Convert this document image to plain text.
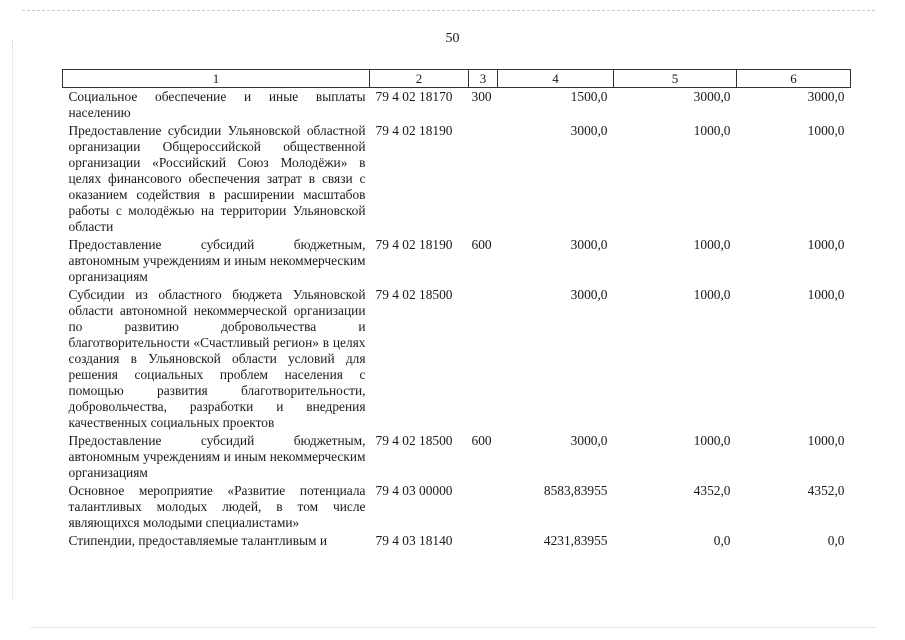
50
1	2	3	4	5	6
Социальное обеспечение и иные выплаты населению	79 4 02 18170	300	1500,0	3000,0	3000,0
Предоставление субсидии Ульяновской областной организации Общероссийской общественной организации «Российский Союз Молодёжи» в целях финансового обеспечения затрат в связи с оказанием содействия в расширении масштабов работы с молодёжью на территории Ульяновской области	79 4 02 18190		3000,0	1000,0	1000,0
Предоставление субсидий бюджетным, автономным учреждениям и иным некоммерческим организациям	79 4 02 18190	600	3000,0	1000,0	1000,0
Субсидии из областного бюджета Ульяновской области автономной некоммерческой организации по развитию добровольчества и благотворительности «Счастливый регион» в целях создания в Ульяновской области условий для решения социальных проблем населения с помощью развития благотворительности, добровольчества, разработки и внедрения качественных социальных проектов	79 4 02 18500		3000,0	1000,0	1000,0
Предоставление субсидий бюджетным, автономным учреждениям и иным некоммерческим организациям	79 4 02 18500	600	3000,0	1000,0	1000,0
Основное мероприятие «Развитие потенциала талантливых молодых людей, в том числе являющихся молодыми специалистами»	79 4 03 00000		8583,83955	4352,0	4352,0
Стипендии, предоставляемые талантливым и	79 4 03 18140		4231,83955	0,0	0,0
